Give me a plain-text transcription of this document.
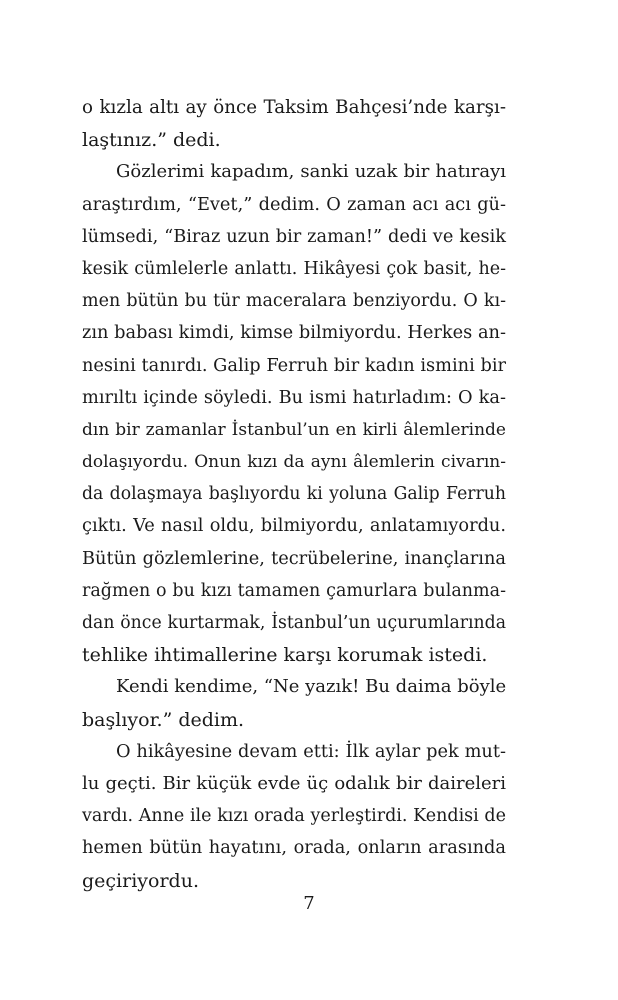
o kızla altı ay önce Taksim Bahçesi’nde karşı-
laştınız.” dedi.
Gözlerimi kapadım, sanki uzak bir hatırayı
araştırdım, “Evet,” dedim. O zaman acı acı gü-
lümsedi, “Biraz uzun bir zaman!” dedi ve kesik
kesik cümlelerle anlattı. Hikâyesi çok basit, he-
men bütün bu tür maceralara benziyordu. O kı-
zın babası kimdi, kimse bilmiyordu. Herkes an-
nesini tanırdı. Galip Ferruh bir kadın ismini bir
mırıltı içinde söyledi. Bu ismi hatırladım: O ka-
dın bir zamanlar İstanbul’un en kirli âlemlerinde
dolaşıyordu. Onun kızı da aynı âlemlerin civarın-
da dolaşmaya başlıyordu ki yoluna Galip Ferruh
çıktı. Ve nasıl oldu, bilmiyordu, anlatamıyordu.
Bütün gözlemlerine, tecrübelerine, inançlarına
rağmen o bu kızı tamamen çamurlara bulanma-
dan önce kurtarmak, İstanbul’un uçurumlarında
tehlike ihtimallerine karşı korumak istedi.
Kendi kendime, “Ne yazık! Bu daima böyle
başlıyor.” dedim.
O hikâyesine devam etti: İlk aylar pek mut-
lu geçti. Bir küçük evde üç odalık bir daireleri
vardı. Anne ile kızı orada yerleştirdi. Kendisi de
hemen bütün hayatını, orada, onların arasında
geçiriyordu.
7
